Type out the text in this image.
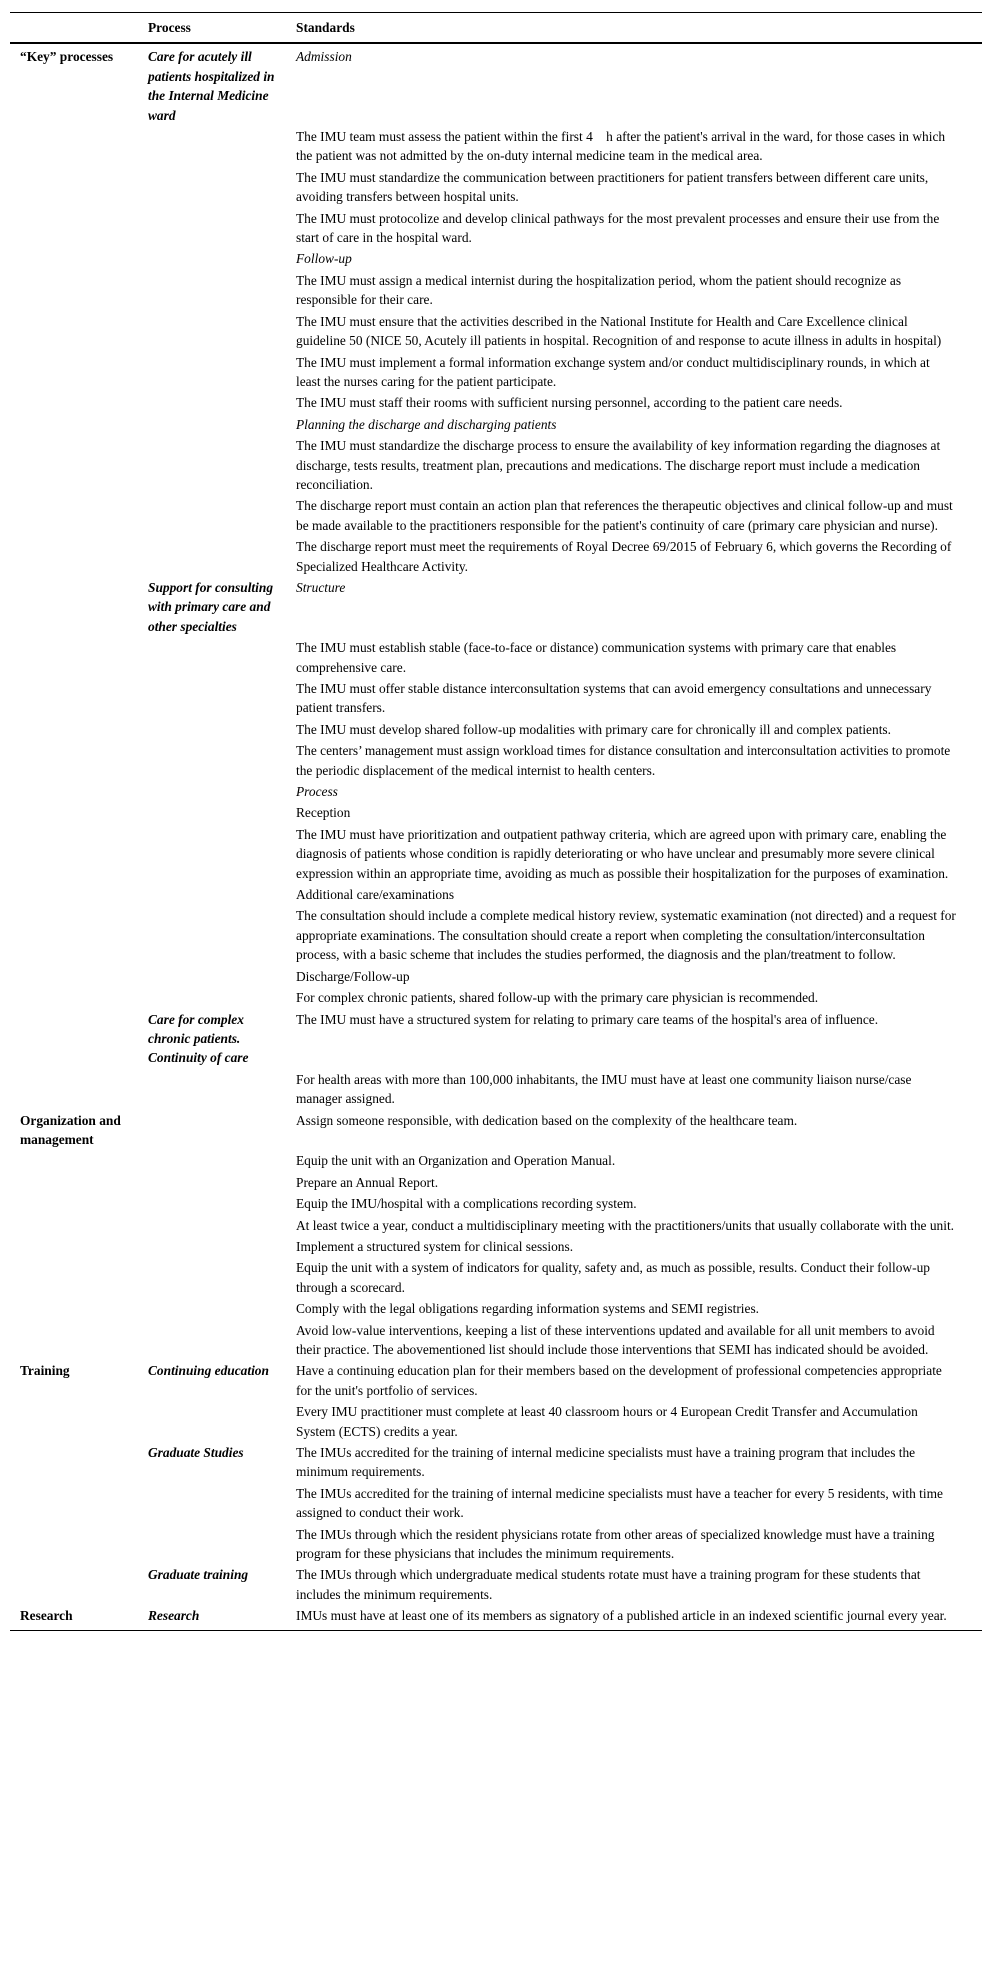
	Process	Standards
“Key” processes	Care for acutely ill patients hospitalized in the Internal Medicine ward	Admission
		The IMU team must assess the patient within the first 4  h after the patient's arrival in the ward, for those cases in which the patient was not admitted by the on-duty internal medicine team in the medical area.
		The IMU must standardize the communication between practitioners for patient transfers between different care units, avoiding transfers between hospital units.
		The IMU must protocolize and develop clinical pathways for the most prevalent processes and ensure their use from the start of care in the hospital ward.
		Follow-up
		The IMU must assign a medical internist during the hospitalization period, whom the patient should recognize as responsible for their care.
		The IMU must ensure that the activities described in the National Institute for Health and Care Excellence clinical guideline 50 (NICE 50, Acutely ill patients in hospital. Recognition of and response to acute illness in adults in hospital)
		The IMU must implement a formal information exchange system and/or conduct multidisciplinary rounds, in which at least the nurses caring for the patient participate.
		The IMU must staff their rooms with sufficient nursing personnel, according to the patient care needs.
		Planning the discharge and discharging patients
		The IMU must standardize the discharge process to ensure the availability of key information regarding the diagnoses at discharge, tests results, treatment plan, precautions and medications. The discharge report must include a medication reconciliation.
		The discharge report must contain an action plan that references the therapeutic objectives and clinical follow-up and must be made available to the practitioners responsible for the patient's continuity of care (primary care physician and nurse).
		The discharge report must meet the requirements of Royal Decree 69/2015 of February 6, which governs the Recording of Specialized Healthcare Activity.
	Support for consulting with primary care and other specialties	Structure
		The IMU must establish stable (face-to-face or distance) communication systems with primary care that enables comprehensive care.
		The IMU must offer stable distance interconsultation systems that can avoid emergency consultations and unnecessary patient transfers.
		The IMU must develop shared follow-up modalities with primary care for chronically ill and complex patients.
		The centers’ management must assign workload times for distance consultation and interconsultation activities to promote the periodic displacement of the medical internist to health centers.
		Process
		Reception
		The IMU must have prioritization and outpatient pathway criteria, which are agreed upon with primary care, enabling the diagnosis of patients whose condition is rapidly deteriorating or who have unclear and presumably more severe clinical expression within an appropriate time, avoiding as much as possible their hospitalization for the purposes of examination.
		Additional care/examinations
		The consultation should include a complete medical history review, systematic examination (not directed) and a request for appropriate examinations. The consultation should create a report when completing the consultation/interconsultation process, with a basic scheme that includes the studies performed, the diagnosis and the plan/treatment to follow.
		Discharge/Follow-up
		For complex chronic patients, shared follow-up with the primary care physician is recommended.
	Care for complex chronic patients. Continuity of care	The IMU must have a structured system for relating to primary care teams of the hospital's area of influence.
		For health areas with more than 100,000 inhabitants, the IMU must have at least one community liaison nurse/case manager assigned.
Organization and management		Assign someone responsible, with dedication based on the complexity of the healthcare team.
		Equip the unit with an Organization and Operation Manual.
		Prepare an Annual Report.
		Equip the IMU/hospital with a complications recording system.
		At least twice a year, conduct a multidisciplinary meeting with the practitioners/units that usually collaborate with the unit.
		Implement a structured system for clinical sessions.
		Equip the unit with a system of indicators for quality, safety and, as much as possible, results. Conduct their follow-up through a scorecard.
		Comply with the legal obligations regarding information systems and SEMI registries.
		Avoid low-value interventions, keeping a list of these interventions updated and available for all unit members to avoid their practice. The abovementioned list should include those interventions that SEMI has indicated should be avoided.
Training	Continuing education	Have a continuing education plan for their members based on the development of professional competencies appropriate for the unit's portfolio of services.
		Every IMU practitioner must complete at least 40 classroom hours or 4 European Credit Transfer and Accumulation System (ECTS) credits a year.
	Graduate Studies	The IMUs accredited for the training of internal medicine specialists must have a training program that includes the minimum requirements.
		The IMUs accredited for the training of internal medicine specialists must have a teacher for every 5 residents, with time assigned to conduct their work.
		The IMUs through which the resident physicians rotate from other areas of specialized knowledge must have a training program for these physicians that includes the minimum requirements.
	Graduate training	The IMUs through which undergraduate medical students rotate must have a training program for these students that includes the minimum requirements.
Research	Research	IMUs must have at least one of its members as signatory of a published article in an indexed scientific journal every year.
